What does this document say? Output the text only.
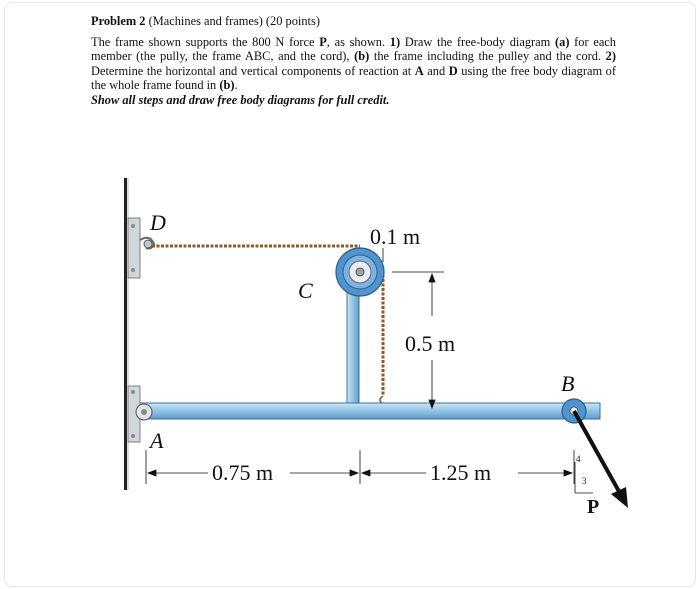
Problem 2 (Machines and frames) (20 points)

The frame shown supports the 800 N force P, as shown. 1) Draw the free-body diagram (a) for each member (the pully, the frame ABC, and the cord), (b) the frame including the pulley and the cord. 2) Determine the horizontal and vertical components of reaction at A and D using the free body diagram of the whole frame found in (b).

Show all steps and draw free body diagrams for full credit.

D
C
B
A
P
0.1 m
0.5 m
0.75 m	1.25 m
4
3
